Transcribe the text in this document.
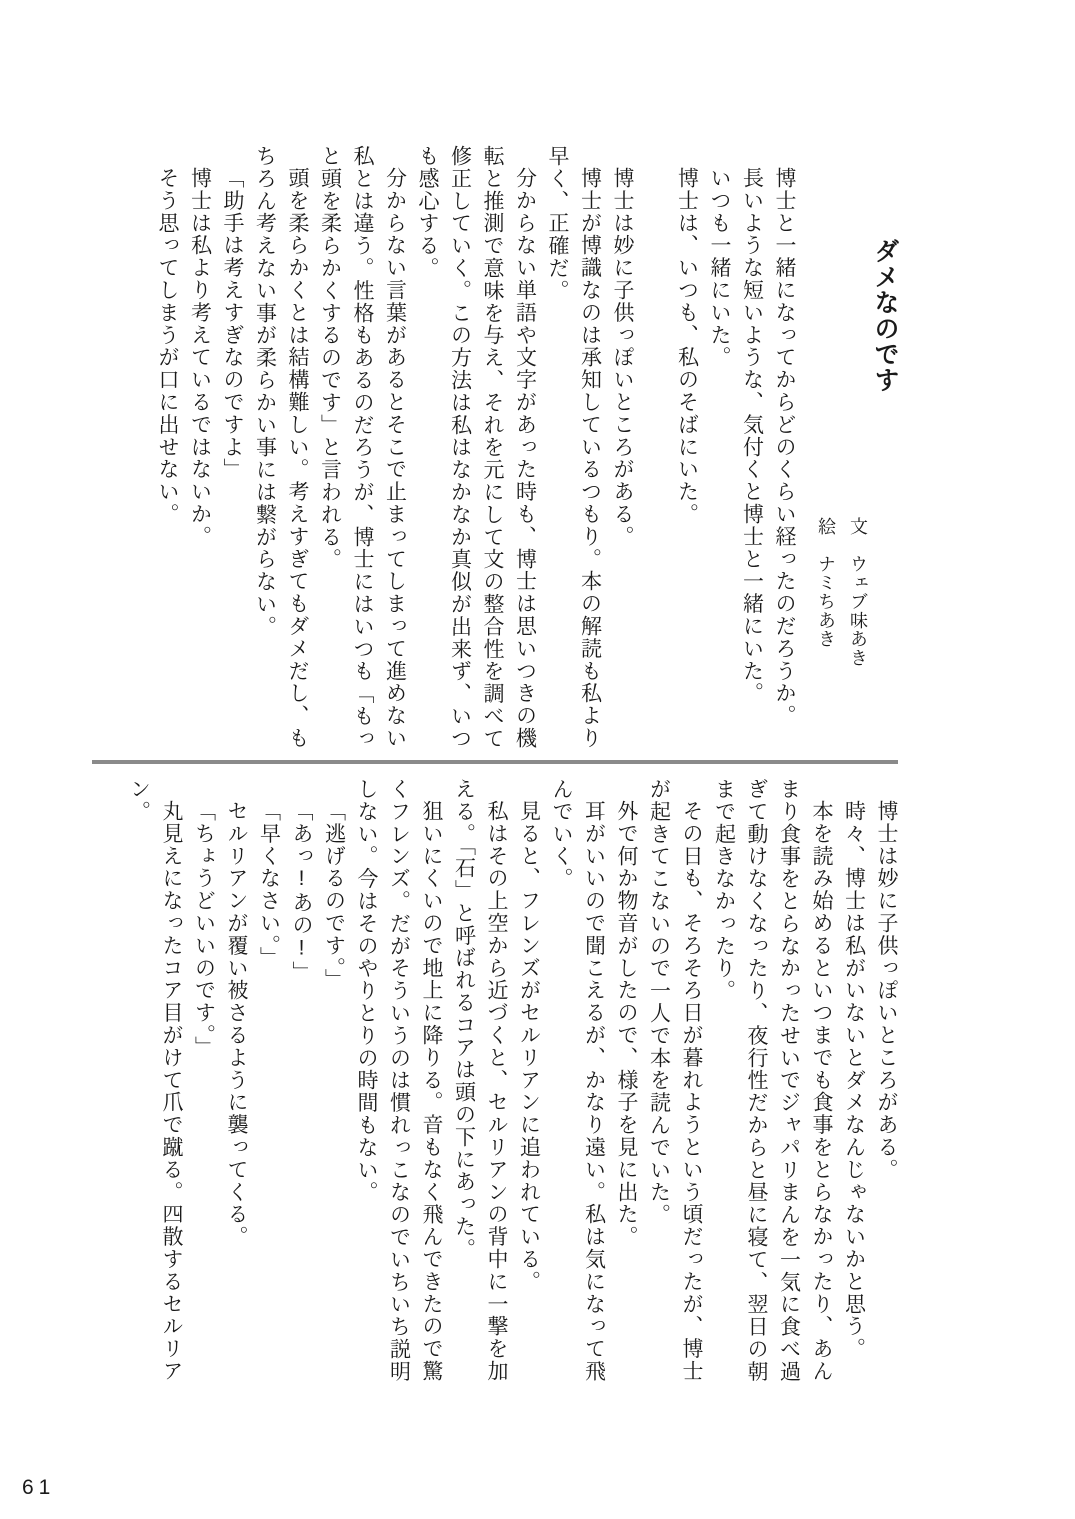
ダメなのです
文　ウェブ味あき
絵　ナミちあき
博士と一緒になってからどのくらい経ったのだろうか。
長いような短いような、気付くと博士と一緒にいた。
いつも一緒にいた。
博士は、いつも、私のそばにいた。
博士は妙に子供っぽいところがある。
博士が博識なのは承知しているつもり。本の解読も私より
早く、正確だ。
分からない単語や文字があった時も、博士は思いつきの機
転と推測で意味を与え、それを元にして文の整合性を調べて
修正していく。この方法は私はなかなか真似が出来ず、いつ
も感心する。
分からない言葉があるとそこで止まってしまって進めない
私とは違う。性格もあるのだろうが、博士にはいつも「もっ
と頭を柔らかくするのです」と言われる。
頭を柔らかくとは結構難しい。考えすぎてもダメだし、も
ちろん考えない事が柔らかい事には繋がらない。
「助手は考えすぎなのですよ」
博士は私より考えているではないか。
そう思ってしまうが口に出せない。
博士は妙に子供っぽいところがある。
時々、博士は私がいないとダメなんじゃないかと思う。
本を読み始めるといつまでも食事をとらなかったり、あん
まり食事をとらなかったせいでジャパリまんを一気に食べ過
ぎて動けなくなったり、夜行性だからと昼に寝て、翌日の朝
まで起きなかったり。
その日も、そろそろ日が暮れようという頃だったが、博士
が起きてこないので一人で本を読んでいた。
外で何か物音がしたので、様子を見に出た。
耳がいいので聞こえるが、かなり遠い。私は気になって飛
んでいく。
見ると、フレンズがセルリアンに追われている。
私はその上空から近づくと、セルリアンの背中に一撃を加
える。「石」と呼ばれるコアは頭の下にあった。
狙いにくいので地上に降りる。音もなく飛んできたので驚
くフレンズ。だがそういうのは慣れっこなのでいちいち説明
しない。今はそのやりとりの時間もない。
「逃げるのです。」
「あっ!あの!」
「早くなさい。」
セルリアンが覆い被さるように襲ってくる。
「ちょうどいいのです。」
丸見えになったコア目がけて爪で蹴る。四散するセルリア
ン。
61
